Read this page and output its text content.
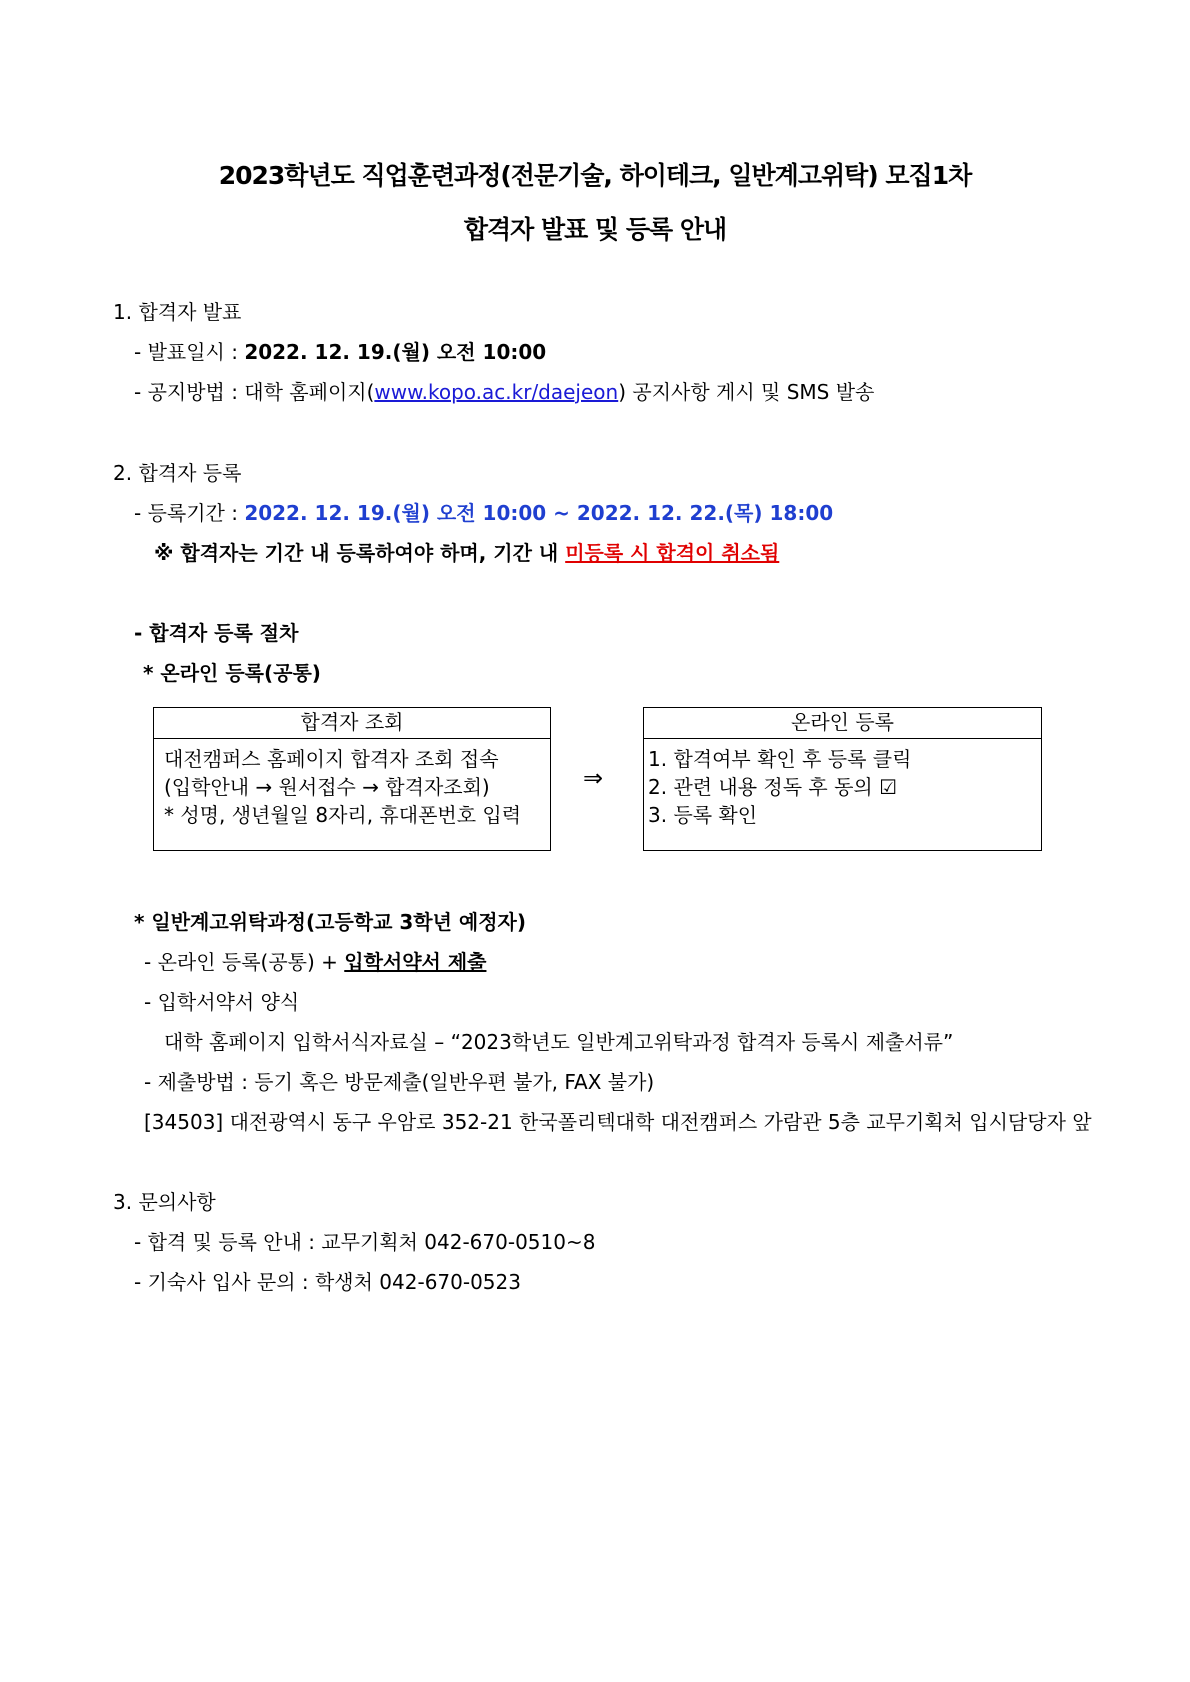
2023학년도 직업훈련과정(전문기술, 하이테크, 일반계고위탁) 모집1차
합격자 발표 및 등록 안내
1. 합격자 발표
- 발표일시 : 2022. 12. 19.(월) 오전 10:00
- 공지방법 : 대학 홈페이지(www.kopo.ac.kr/daejeon) 공지사항 게시 및 SMS 발송
2. 합격자 등록
- 등록기간 : 2022. 12. 19.(월) 오전 10:00 ~ 2022. 12. 22.(목) 18:00
※ 합격자는 기간 내 등록하여야 하며, 기간 내 미등록 시 합격이 취소됨
- 합격자 등록 절차
* 온라인 등록(공통)
합격자 조회
대전캠퍼스 홈페이지 합격자 조회 접속
(입학안내 → 원서접수 → 합격자조회)
* 성명, 생년월일 8자리, 휴대폰번호 입력
⇒
온라인 등록
1. 합격여부 확인 후 등록 클릭
2. 관련 내용 정독 후 동의 ☑
3. 등록 확인
* 일반계고위탁과정(고등학교 3학년 예정자)
- 온라인 등록(공통) + 입학서약서 제출
- 입학서약서 양식
대학 홈페이지 입학서식자료실 – “2023학년도 일반계고위탁과정 합격자 등록시 제출서류”
- 제출방법 : 등기 혹은 방문제출(일반우편 불가, FAX 불가)
[34503] 대전광역시 동구 우암로 352-21 한국폴리텍대학 대전캠퍼스 가람관 5층 교무기획처 입시담당자 앞
3. 문의사항
- 합격 및 등록 안내 : 교무기획처 042-670-0510~8
- 기숙사 입사 문의 : 학생처 042-670-0523
